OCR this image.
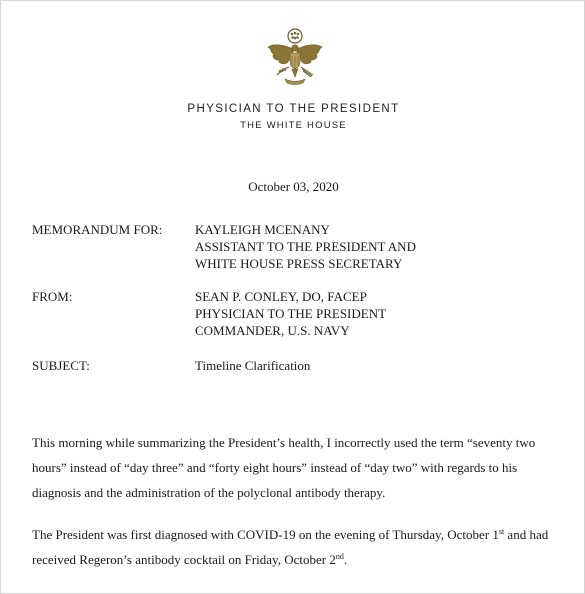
PHYSICIAN TO THE PRESIDENT
THE WHITE HOUSE
October 03, 2020
MEMORANDUM FOR:	KAYLEIGH MCENANY
ASSISTANT TO THE PRESIDENT AND
WHITE HOUSE PRESS SECRETARY
FROM:	SEAN P. CONLEY, DO, FACEP
PHYSICIAN TO THE PRESIDENT
COMMANDER, U.S. NAVY
SUBJECT:	Timeline Clarification

This morning while summarizing the President’s health, I incorrectly used the term “seventy two hours” instead of “day three” and “forty eight hours” instead of “day two” with regards to his diagnosis and the administration of the polyclonal antibody therapy.

The President was first diagnosed with COVID-19 on the evening of Thursday, October 1st and had received Regeron’s antibody cocktail on Friday, October 2nd.
